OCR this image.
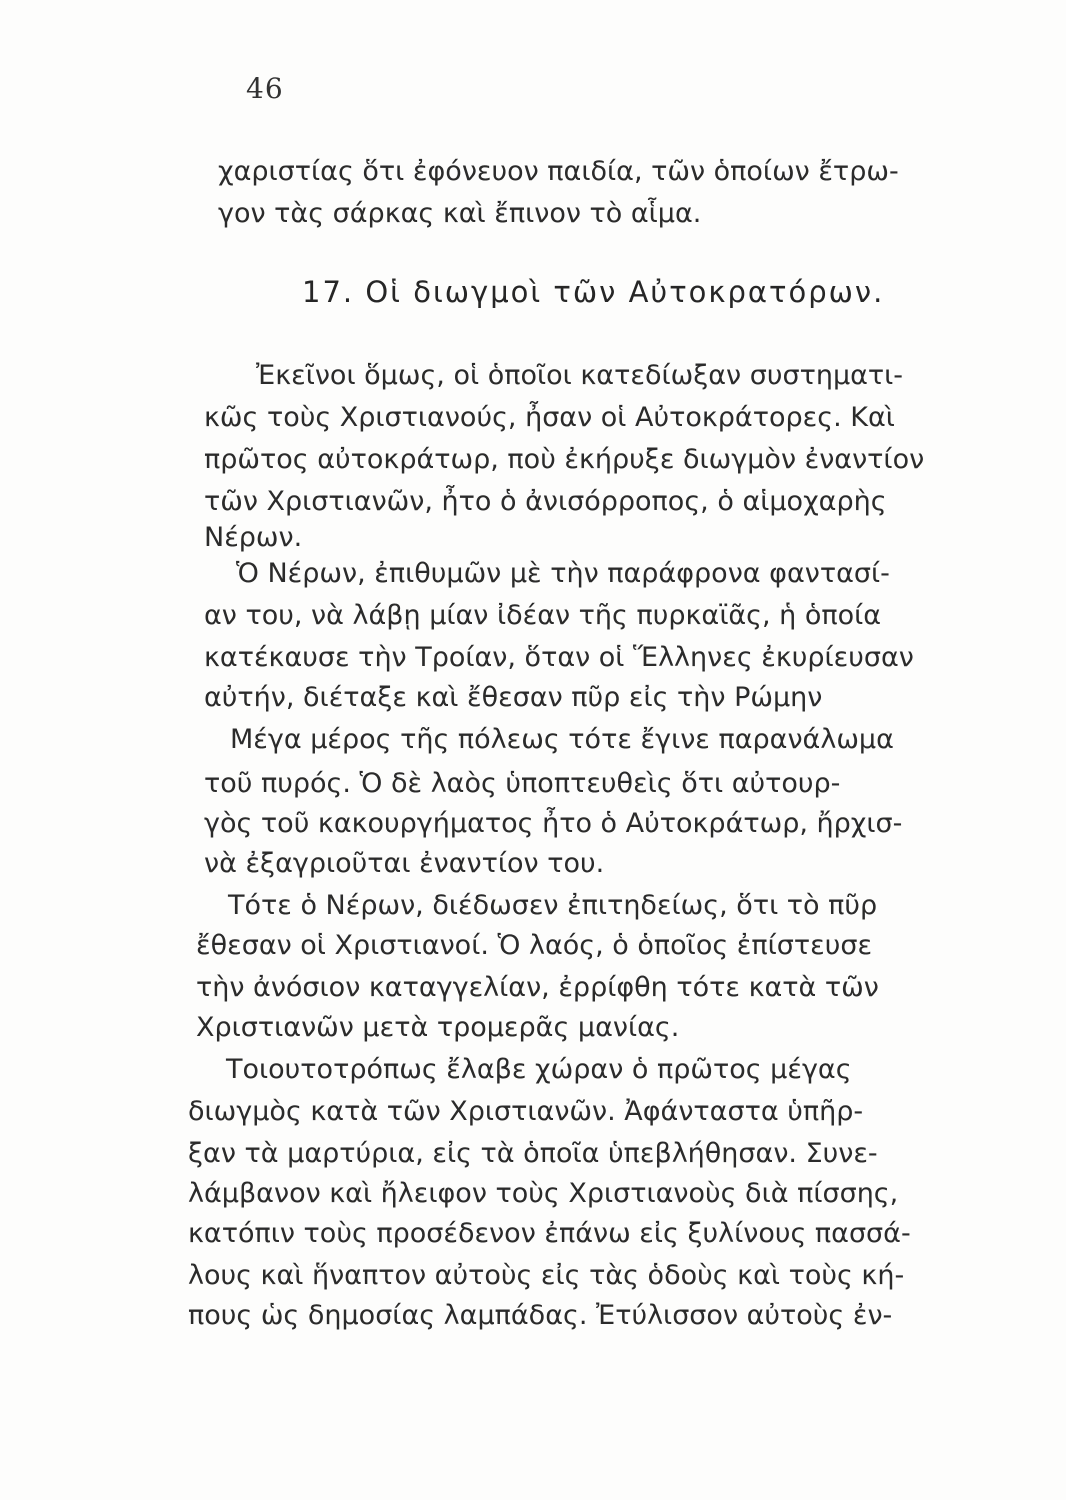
46
χαριστίας ὅτι ἐφόνευον παιδία, τῶν ὁποίων ἔτρω-
γον τὰς σάρκας καὶ ἔπινον τὸ αἷμα.
17. Οἱ διωγμοὶ τῶν Αὐτοκρατόρων.
Ἐκεῖνοι ὅμως, οἱ ὁποῖοι κατεδίωξαν συστηματι-
κῶς τοὺς Χριστιανούς, ἦσαν οἱ Αὐτοκράτορες. Καὶ
πρῶτος αὐτοκράτωρ, ποὺ ἐκήρυξε διωγμὸν ἐναντίον
τῶν Χριστιανῶν, ἦτο ὁ ἀνισόρροπος, ὁ αἱμοχαρὴς
Νέρων.
Ὁ Νέρων, ἐπιθυμῶν μὲ τὴν παράφρονα φαντασί-
αν του, νὰ λάβῃ μίαν ἰδέαν τῆς πυρκαϊᾶς, ἡ ὁποία
κατέκαυσε τὴν Τροίαν, ὅταν οἱ Ἕλληνες ἐκυρίευσαν
αὐτήν, διέταξε καὶ ἔθεσαν πῦρ εἰς τὴν Ρώμην
Μέγα μέρος τῆς πόλεως τότε ἔγινε παρανάλωμα
τοῦ πυρός. Ὁ δὲ λαὸς ὑποπτευθεὶς ὅτι αὐτουρ-
γὸς τοῦ κακουργήματος ἦτο ὁ Αὐτοκράτωρ, ἤρχισ-
νὰ ἐξαγριοῦται ἐναντίον του.
Τότε ὁ Νέρων, διέδωσεν ἐπιτηδείως, ὅτι τὸ πῦρ
ἔθεσαν οἱ Χριστιανοί. Ὁ λαός, ὁ ὁποῖος ἐπίστευσε
τὴν ἀνόσιον καταγγελίαν, ἐρρίφθη τότε κατὰ τῶν
Χριστιανῶν μετὰ τρομερᾶς μανίας.
Τοιουτοτρόπως ἔλαβε χώραν ὁ πρῶτος μέγας
διωγμὸς κατὰ τῶν Χριστιανῶν. Ἀφάνταστα ὑπῆρ-
ξαν τὰ μαρτύρια, εἰς τὰ ὁποῖα ὑπεβλήθησαν. Συνε-
λάμβανον καὶ ἤλειφον τοὺς Χριστιανοὺς διὰ πίσσης,
κατόπιν τοὺς προσέδενον ἐπάνω εἰς ξυλίνους πασσά-
λους καὶ ἥναπτον αὐτοὺς εἰς τὰς ὁδοὺς καὶ τοὺς κή-
πους ὡς δημοσίας λαμπάδας. Ἐτύλισσον αὐτοὺς ἐν-
